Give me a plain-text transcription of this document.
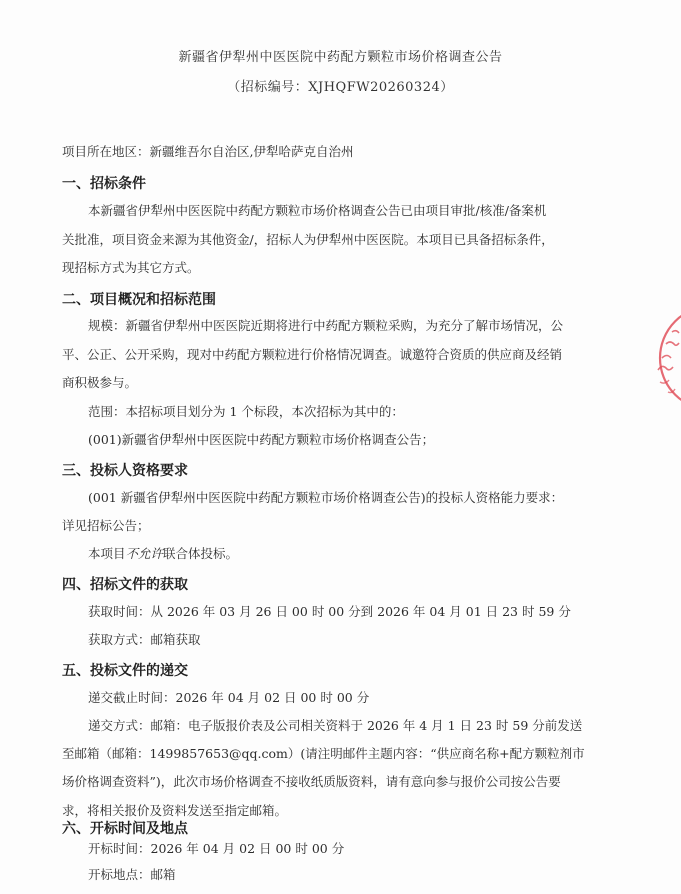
新疆省伊犁州中医医院中药配方颗粒市场价格调查公告
（招标编号：XJHQFW20260324）
项目所在地区：新疆维吾尔自治区,伊犁哈萨克自治州
一、招标条件
本新疆省伊犁州中医医院中药配方颗粒市场价格调查公告已由项目审批/核准/备案机
关批准，项目资金来源为其他资金/，招标人为伊犁州中医医院。本项目已具备招标条件，
现招标方式为其它方式。
二、项目概况和招标范围
规模：新疆省伊犁州中医医院近期将进行中药配方颗粒采购，为充分了解市场情况，公
平、公正、公开采购，现对中药配方颗粒进行价格情况调查。诚邀符合资质的供应商及经销
商积极参与。
范围：本招标项目划分为 1 个标段，本次招标为其中的：
(001)新疆省伊犁州中医医院中药配方颗粒市场价格调查公告；
三、投标人资格要求
(001 新疆省伊犁州中医医院中药配方颗粒市场价格调查公告)的投标人资格能力要求：
详见招标公告；
本项目不允许联合体投标。
四、招标文件的获取
获取时间：从 2026 年 03 月 26 日 00 时 00 分到 2026 年 04 月 01 日 23 时 59 分
获取方式：邮箱获取
五、投标文件的递交
递交截止时间：2026 年 04 月 02 日 00 时 00 分
递交方式：邮箱：电子版报价表及公司相关资料于 2026 年 4 月 1 日 23 时 59 分前发送
至邮箱（邮箱：1499857653@qq.com）(请注明邮件主题内容：“供应商名称+配方颗粒剂市
场价格调查资料”)，此次市场价格调查不接收纸质版资料，请有意向参与报价公司按公告要
求，将相关报价及资料发送至指定邮箱。
六、开标时间及地点
开标时间：2026 年 04 月 02 日 00 时 00 分
开标地点：邮箱
